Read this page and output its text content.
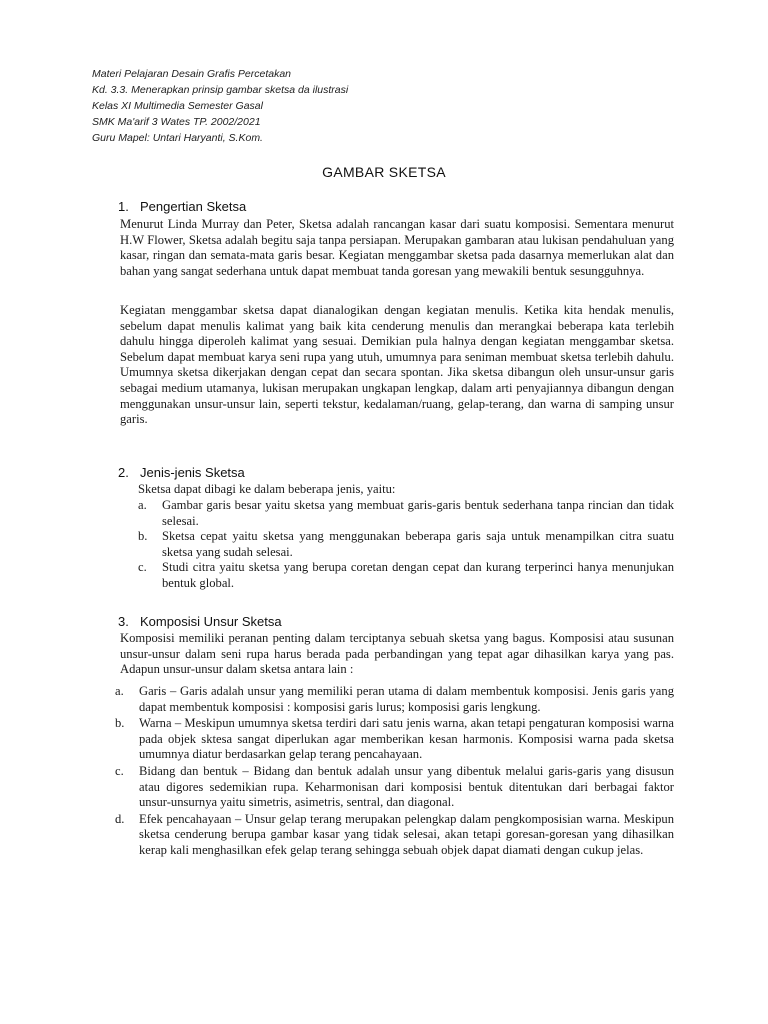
Materi Pelajaran Desain Grafis Percetakan
Kd. 3.3. Menerapkan prinsip gambar sketsa da ilustrasi
Kelas XI Multimedia Semester Gasal
SMK Ma'arif 3 Wates TP. 2002/2021
Guru Mapel: Untari Haryanti, S.Kom.
GAMBAR SKETSA
1. Pengertian Sketsa
Menurut Linda Murray dan Peter, Sketsa adalah rancangan kasar dari suatu komposisi. Sementara menurut H.W Flower, Sketsa adalah begitu saja tanpa persiapan. Merupakan gambaran atau lukisan pendahuluan yang kasar, ringan dan semata-mata garis besar. Kegiatan menggambar sketsa pada dasarnya memerlukan alat dan bahan yang sangat sederhana untuk dapat membuat tanda goresan yang mewakili bentuk sesungguhnya.
Kegiatan menggambar sketsa dapat dianalogikan dengan kegiatan menulis. Ketika kita hendak menulis, sebelum dapat menulis kalimat yang baik kita cenderung menulis dan merangkai beberapa kata terlebih dahulu hingga diperoleh kalimat yang sesuai. Demikian pula halnya dengan kegiatan menggambar sketsa. Sebelum dapat membuat karya seni rupa yang utuh, umumnya para seniman membuat sketsa terlebih dahulu. Umumnya sketsa dikerjakan dengan cepat dan secara spontan. Jika sketsa dibangun oleh unsur-unsur garis sebagai medium utamanya, lukisan merupakan ungkapan lengkap, dalam arti penyajiannya dibangun dengan menggunakan unsur-unsur lain, seperti tekstur, kedalaman/ruang, gelap-terang, dan warna di samping unsur garis.
2. Jenis-jenis Sketsa
Sketsa dapat dibagi ke dalam beberapa jenis, yaitu:
a.	Gambar garis besar yaitu sketsa yang membuat garis-garis bentuk sederhana tanpa rincian dan tidak selesai.
b.	Sketsa cepat yaitu sketsa yang menggunakan beberapa garis saja untuk menampilkan citra suatu sketsa yang sudah selesai.
c.	Studi citra yaitu sketsa yang berupa coretan dengan cepat dan kurang terperinci hanya menunjukan bentuk global.
3. Komposisi Unsur Sketsa
Komposisi memiliki peranan penting dalam terciptanya sebuah sketsa yang bagus. Komposisi atau susunan unsur-unsur dalam seni rupa harus berada pada perbandingan yang tepat agar dihasilkan karya yang pas. Adapun unsur-unsur dalam sketsa antara lain :
a.	Garis – Garis adalah unsur yang memiliki peran utama di dalam membentuk komposisi. Jenis garis yang dapat membentuk komposisi : komposisi garis lurus; komposisi garis lengkung.
b.	Warna – Meskipun umumnya sketsa terdiri dari satu jenis warna, akan tetapi pengaturan komposisi warna pada objek sktesa sangat diperlukan agar memberikan kesan harmonis. Komposisi warna pada sketsa umumnya diatur berdasarkan gelap terang pencahayaan.
c.	Bidang dan bentuk – Bidang dan bentuk adalah unsur yang dibentuk melalui garis-garis yang disusun atau digores sedemikian rupa. Keharmonisan dari komposisi bentuk ditentukan dari berbagai faktor unsur-unsurnya yaitu simetris, asimetris, sentral, dan diagonal.
d.	Efek pencahayaan – Unsur gelap terang merupakan pelengkap dalam pengkomposisian warna. Meskipun sketsa cenderung berupa gambar kasar yang tidak selesai, akan tetapi goresan-goresan yang dihasilkan kerap kali menghasilkan efek gelap terang sehingga sebuah objek dapat diamati dengan cukup jelas.
